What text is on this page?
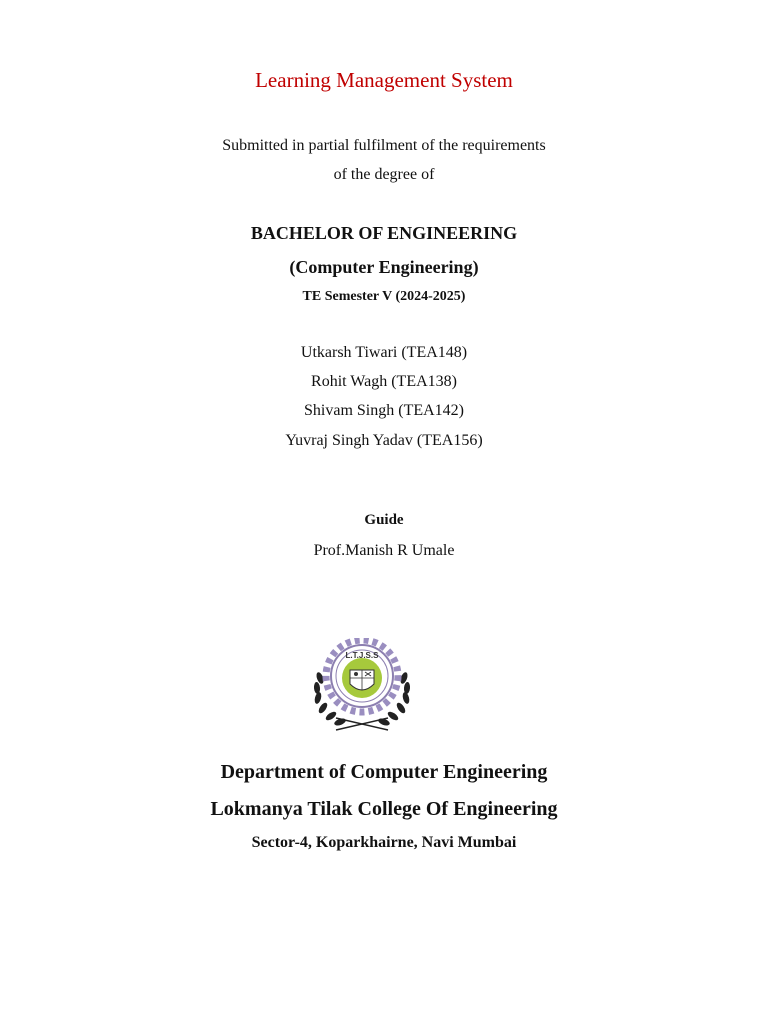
Learning Management System
Submitted in partial fulfilment of the requirements
of the degree of
BACHELOR OF ENGINEERING
(Computer Engineering)
TE Semester V (2024-2025)
Utkarsh Tiwari (TEA148)
Rohit Wagh (TEA138)
Shivam Singh (TEA142)
Yuvraj Singh Yadav (TEA156)
Guide
Prof.Manish R Umale
L.T.J.S.S
Department of Computer Engineering
Lokmanya Tilak College Of Engineering
Sector-4, Koparkhairne, Navi Mumbai
